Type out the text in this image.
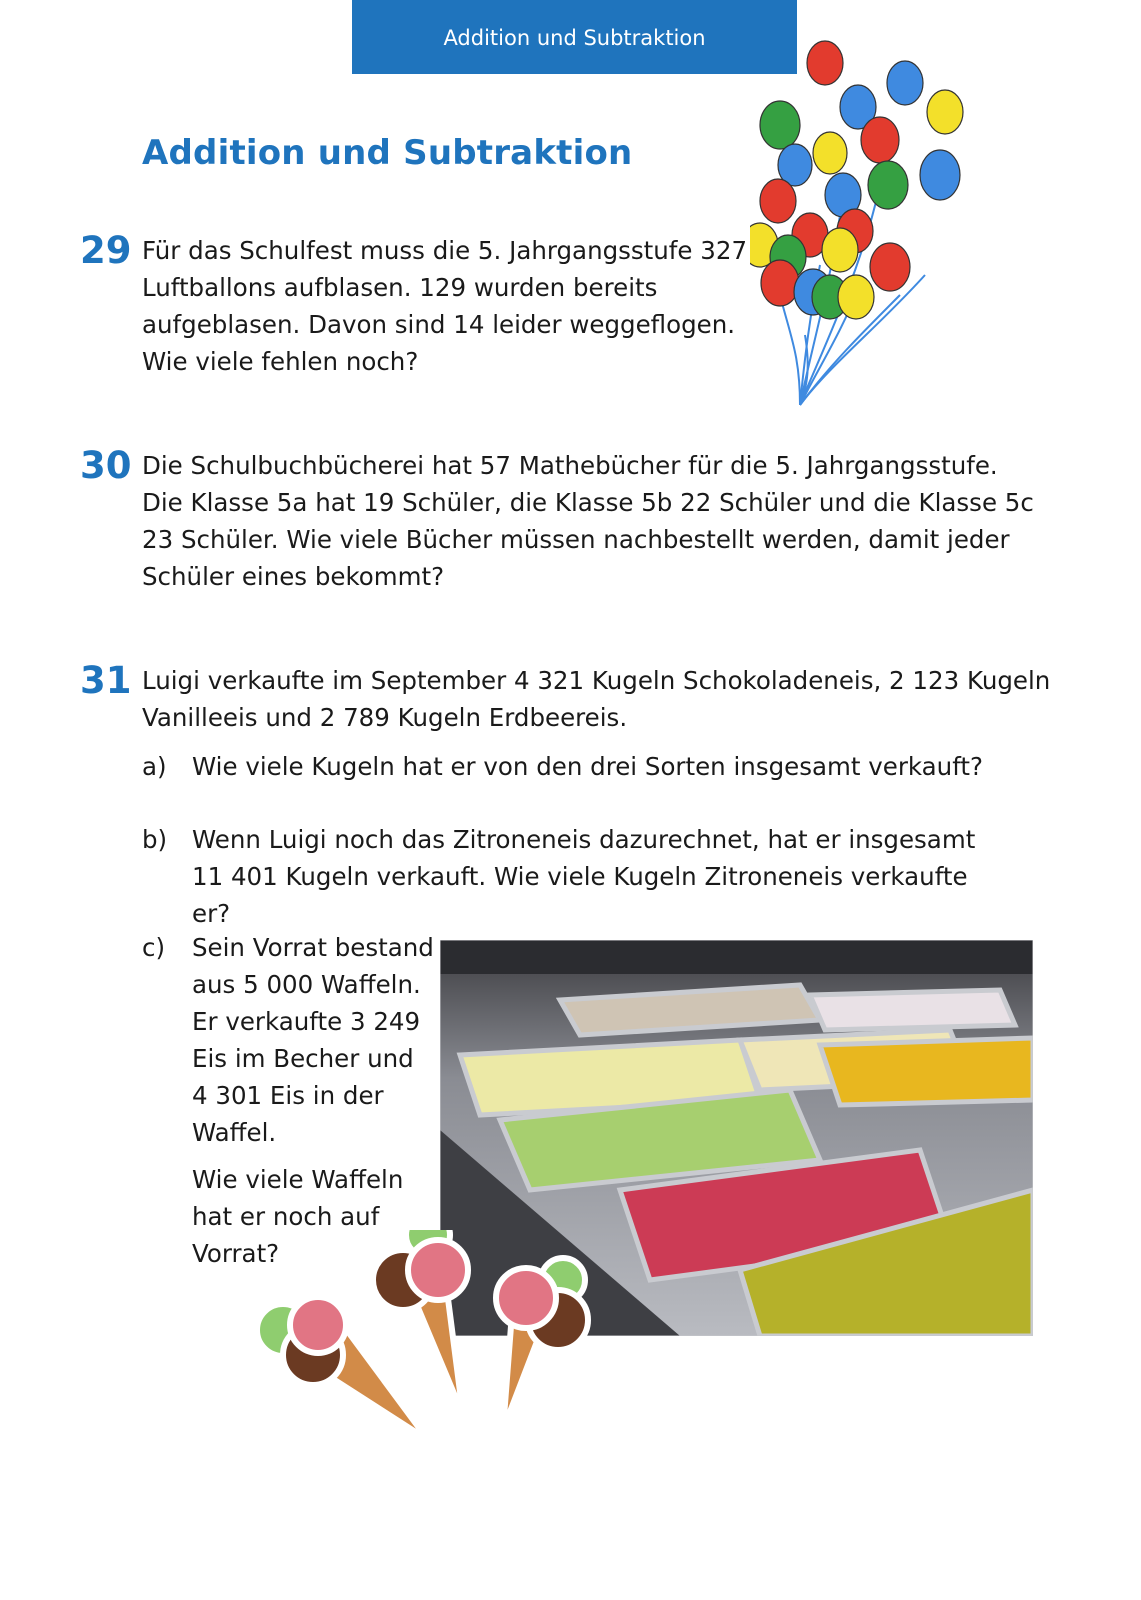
Addition und Subtraktion
Addition und Subtraktion
29 Für das Schulfest muss die 5. Jahrgangsstufe 327
Luftballons aufblasen. 129 wurden bereits
aufgeblasen. Davon sind 14 leider weggeflogen.
Wie viele fehlen noch?

30 Die Schulbuchbücherei hat 57 Mathebücher für die 5. Jahrgangsstufe.
Die Klasse 5a hat 19 Schüler, die Klasse 5b 22 Schüler und die Klasse 5c
23 Schüler. Wie viele Bücher müssen nachbestellt werden, damit jeder
Schüler eines bekommt?

31 Luigi verkaufte im September 4 321 Kugeln Schokoladeneis, 2 123 Kugeln
Vanilleeis und 2 789 Kugeln Erdbeereis.

a) Wie viele Kugeln hat er von den drei Sorten insgesamt verkauft?

b) Wenn Luigi noch das Zitroneneis dazurechnet, hat er insgesamt
11 401 Kugeln verkauft. Wie viele Kugeln Zitroneneis verkaufte er?

c) Sein Vorrat bestand
aus 5 000 Waffeln.
Er verkaufte 3 249
Eis im Becher und
4 301 Eis in der
Waffel.

Wie viele Waffeln
hat er noch auf
Vorrat?
